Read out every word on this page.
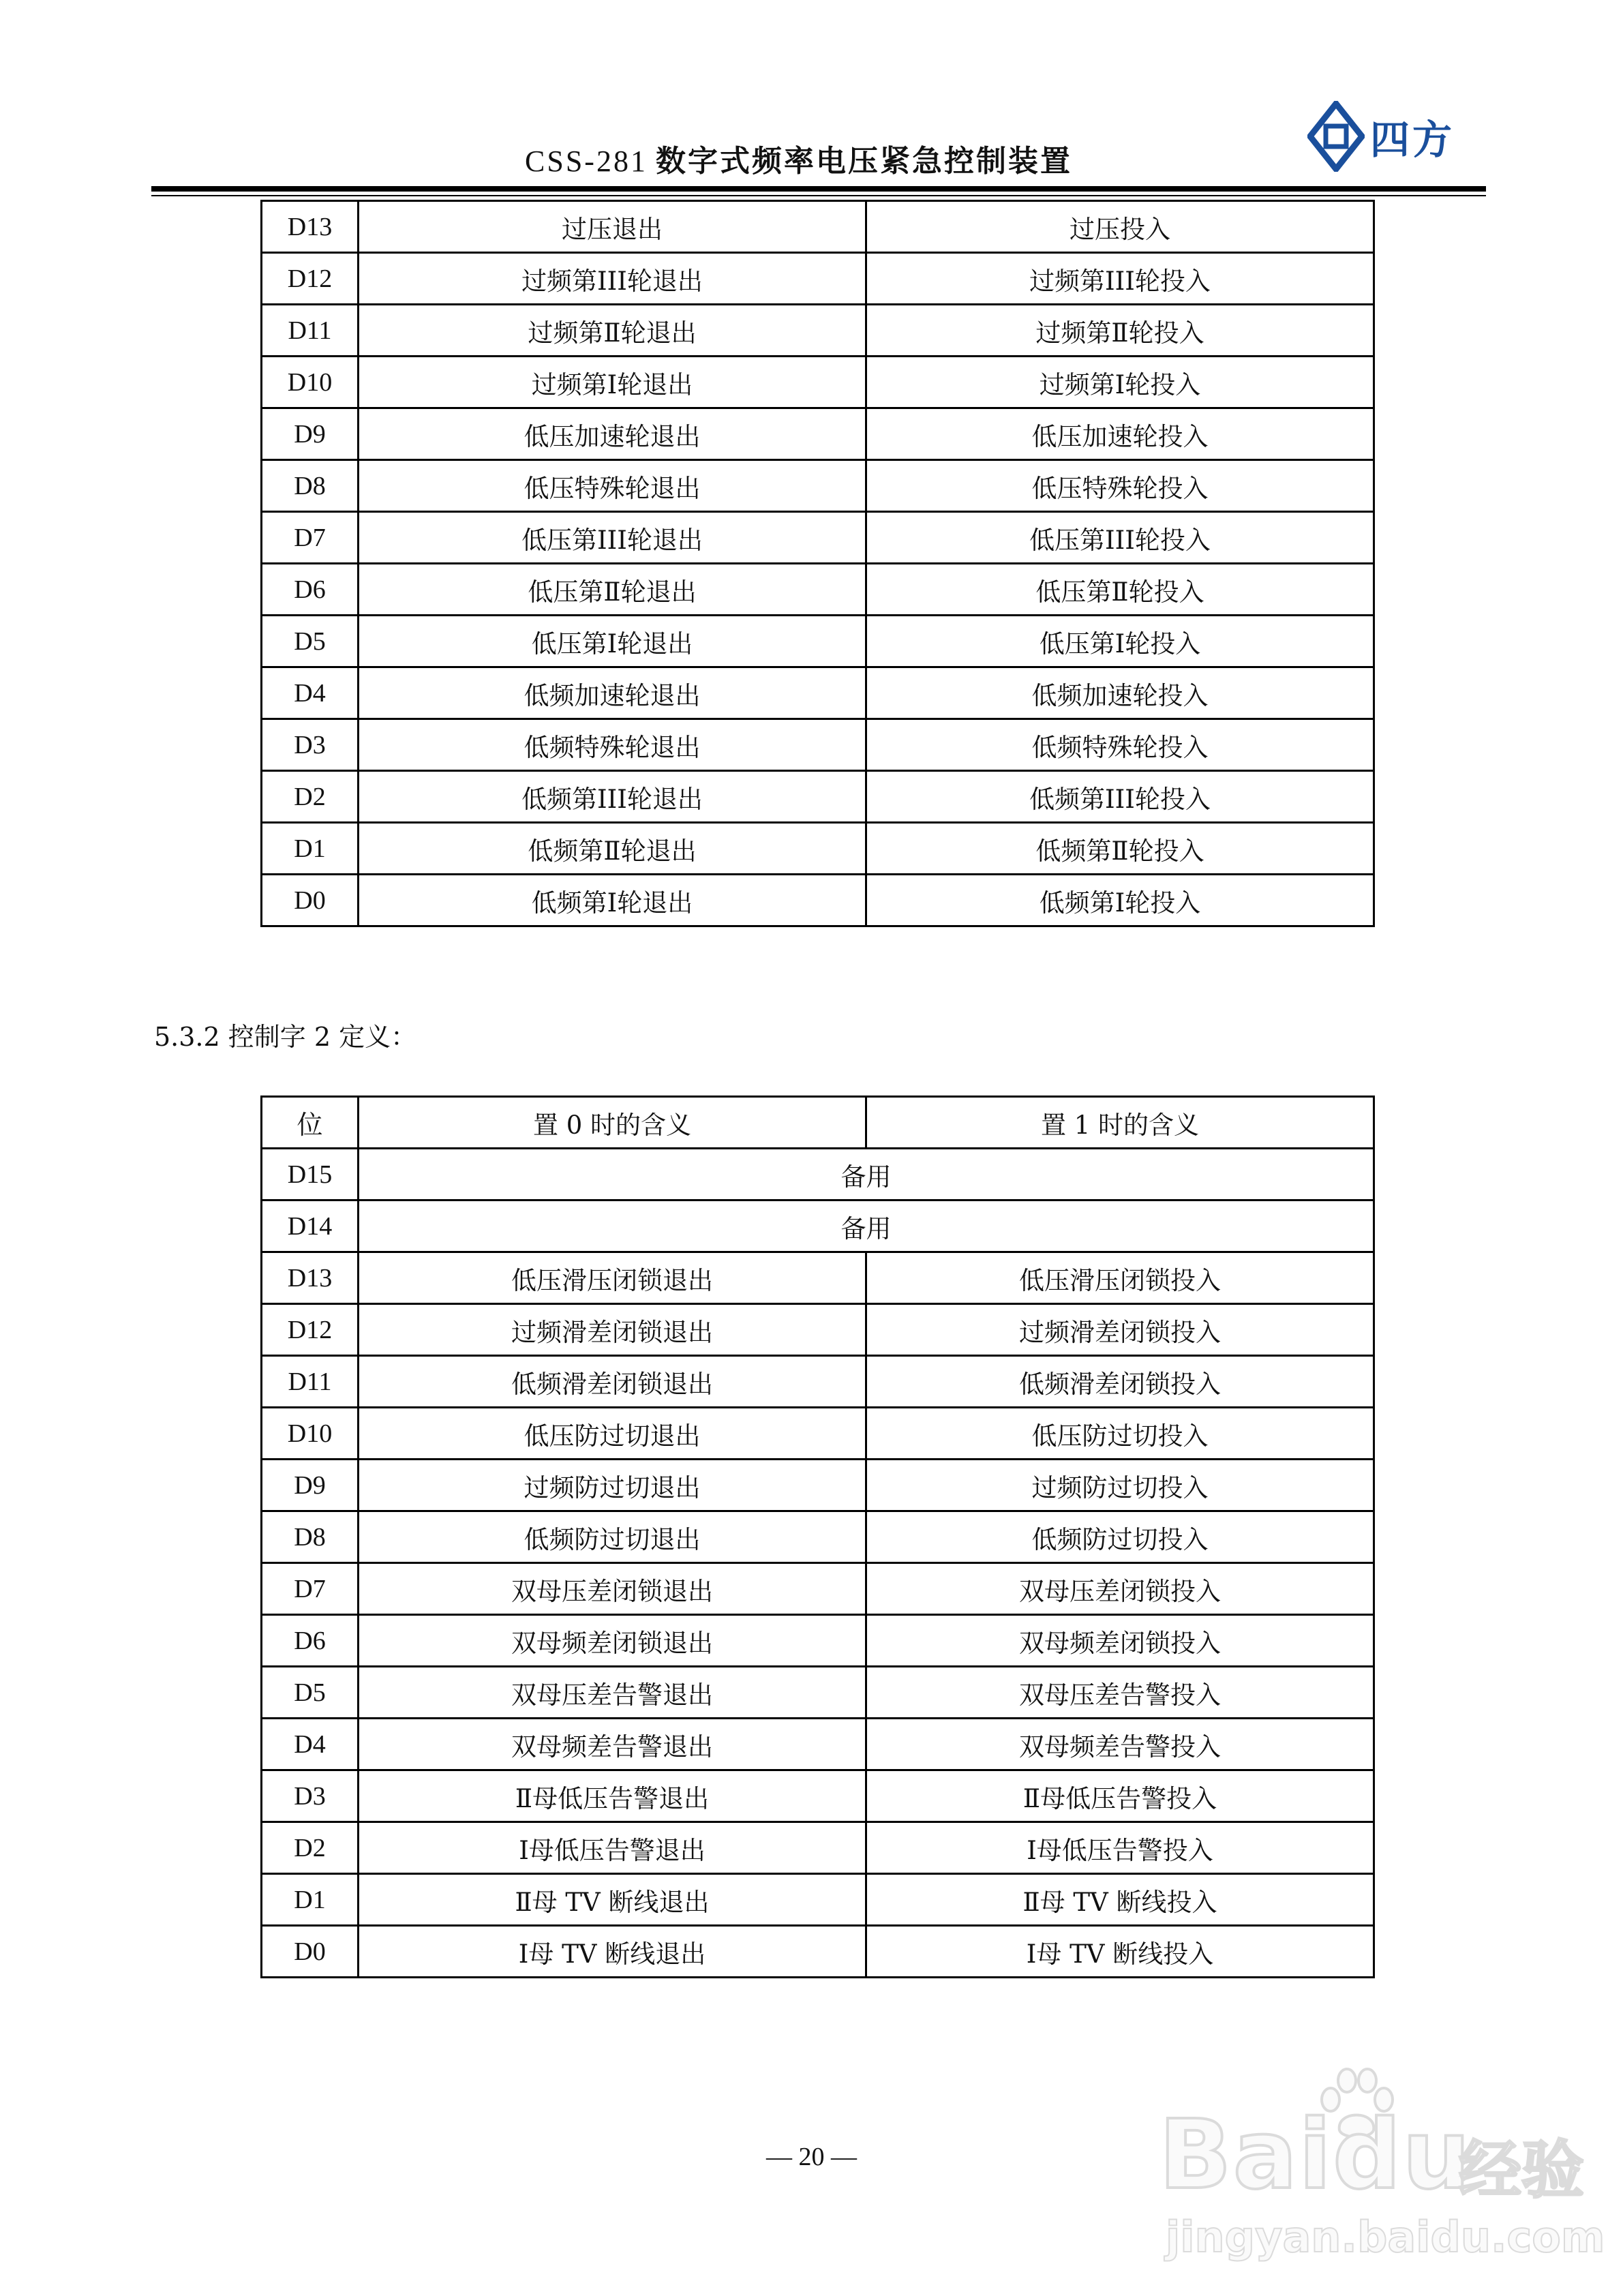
CSS-281 数字式频率电压紧急控制装置	四方
D13	过压退出	过压投入
D12	过频第III轮退出	过频第III轮投入
D11	过频第Ⅱ轮退出	过频第Ⅱ轮投入
D10	过频第Ⅰ轮退出	过频第Ⅰ轮投入
D9	低压加速轮退出	低压加速轮投入
D8	低压特殊轮退出	低压特殊轮投入
D7	低压第III轮退出	低压第III轮投入
D6	低压第Ⅱ轮退出	低压第Ⅱ轮投入
D5	低压第Ⅰ轮退出	低压第Ⅰ轮投入
D4	低频加速轮退出	低频加速轮投入
D3	低频特殊轮退出	低频特殊轮投入
D2	低频第III轮退出	低频第III轮投入
D1	低频第Ⅱ轮退出	低频第Ⅱ轮投入
D0	低频第Ⅰ轮退出	低频第Ⅰ轮投入
5.3.2 控制字 2 定义：
位	置 0 时的含义	置 1 时的含义
D15	备用	
D14	备用	
D13	低压滑压闭锁退出	低压滑压闭锁投入
D12	过频滑差闭锁退出	过频滑差闭锁投入
D11	低频滑差闭锁退出	低频滑差闭锁投入
D10	低压防过切退出	低压防过切投入
D9	过频防过切退出	过频防过切投入
D8	低频防过切退出	低频防过切投入
D7	双母压差闭锁退出	双母压差闭锁投入
D6	双母频差闭锁退出	双母频差闭锁投入
D5	双母压差告警退出	双母压差告警投入
D4	双母频差告警退出	双母频差告警投入
D3	Ⅱ母低压告警退出	Ⅱ母低压告警投入
D2	Ⅰ母低压告警退出	Ⅰ母低压告警投入
D1	Ⅱ母 TV 断线退出	Ⅱ母 TV 断线投入
D0	Ⅰ母 TV 断线退出	Ⅰ母 TV 断线投入
— 20 —	Baidu
经验
jingyan.baidu.com
